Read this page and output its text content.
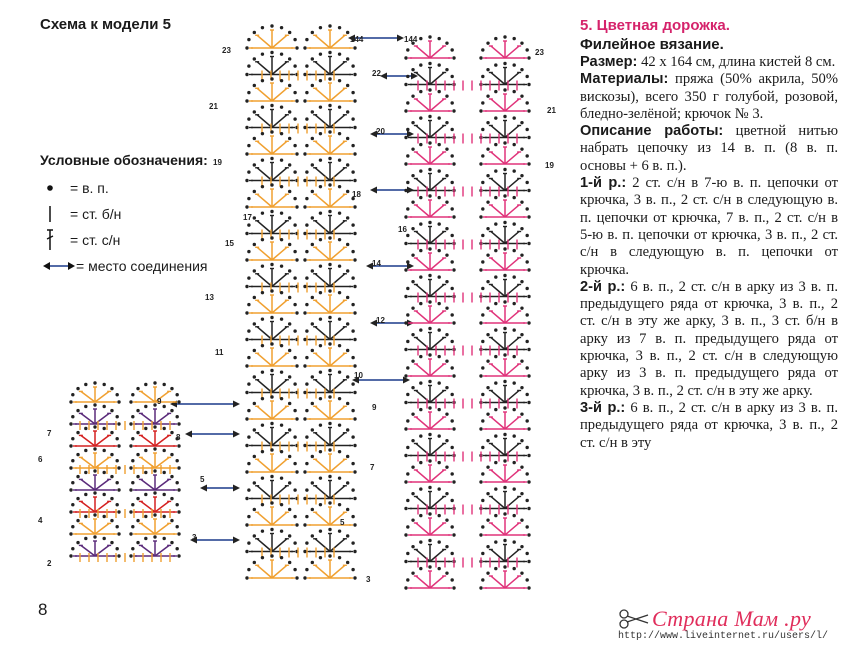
Схема к модели 5
Условные обозначения:
= в. п.
= ст. б/н
= ст. с/н
= место соединения
144	144
23
21
19
17
15
13
11
22
20
18
16
14
12
10
23
21
19
9
8
7
6
5
4
3
2
9
7
5
3
8
5. Цветная дорожка.
Филейное вязание.

Размер: 42 х 164 см, длина кистей 8 см.

Материалы: пряжа (50% акрила, 50% вискозы), всего 350 г голубой, розовой, бледно-зелёной; крючок № 3.

Описание работы: цветной нитью набрать цепочку из 14 в. п. (8 в. п. основы + 6 в. п.).

1-й р.: 2 ст. с/н в 7-ю в. п. цепочки от крючка, 3 в. п., 2 ст. с/н в следующую в. п. цепочки от крючка, 7 в. п., 2 ст. с/н в 5-ю в. п. цепочки от крючка, 3 в. п., 2 ст. с/н в следующую в. п. цепочки от крючка.

2-й р.: 6 в. п., 2 ст. с/н в арку из 3 в. п. предыдущего ряда от крючка, 3 в. п., 2 ст. с/н в эту же арку, 3 в. п., 3 ст. б/н в арку из 7 в. п. предыдущего ряда от крючка, 3 в. п., 2 ст. с/н в следующую арку из 3 в. п. предыдущего ряда от крючка, 3 в. п., 2 ст. с/н в эту же арку.

3-й р.: 6 в. п., 2 ст. с/н в арку из 3 в. п. предыдущего ряда от крючка, 3 в. п., 2 ст. с/н в эту

Страна Мам .ру
http://www.liveinternet.ru/users/l/
